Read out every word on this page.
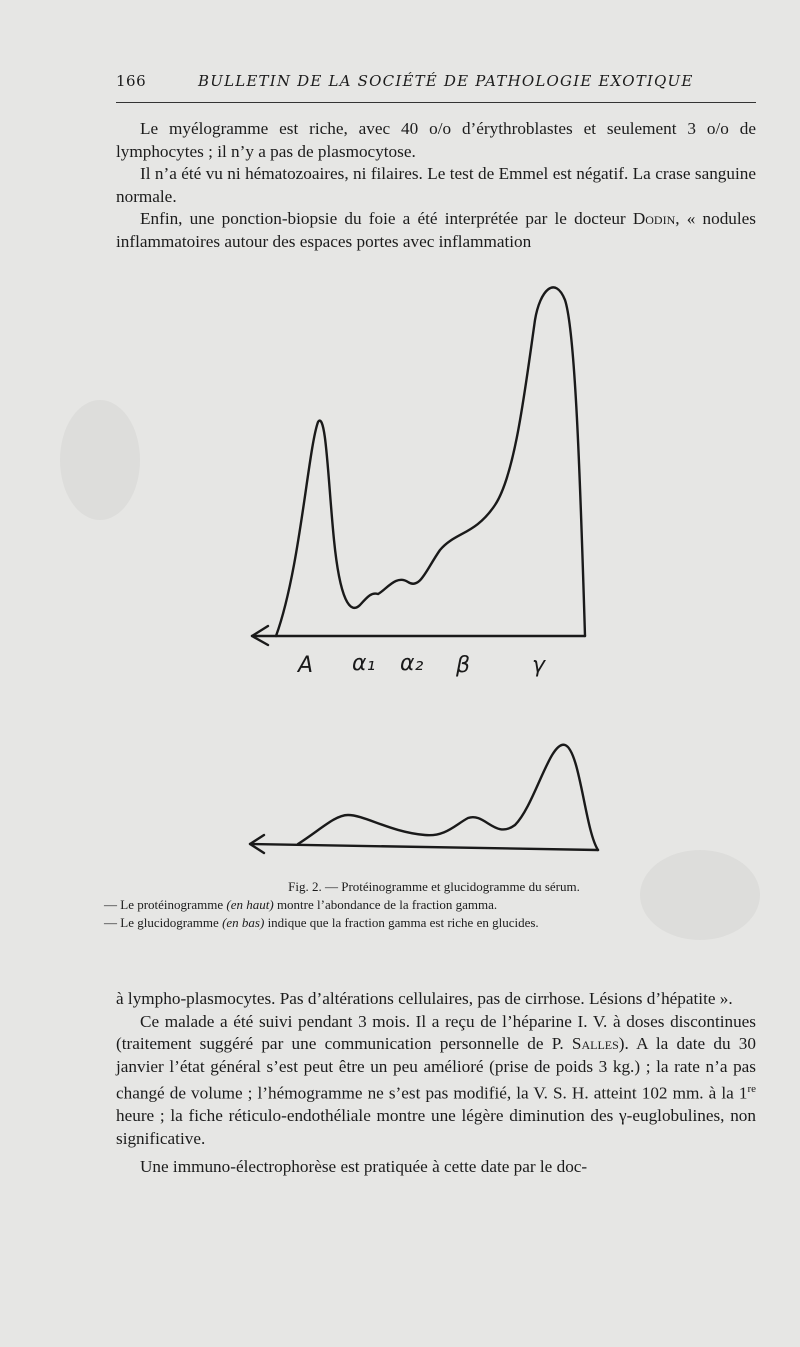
166	BULLETIN DE LA SOCIÉTÉ DE PATHOLOGIE EXOTIQUE

Le myélogramme est riche, avec 40 o/o d’érythroblastes et seulement 3 o/o de lymphocytes ; il n’y a pas de plasmocytose.

Il n’a été vu ni hématozoaires, ni filaires. Le test de Emmel est négatif. La crase sanguine normale.

Enfin, une ponction-biopsie du foie a été interprétée par le docteur Dodin, « nodules inflammatoires autour des espaces portes avec inflammation

A α₁ α₂ β	γ
Fig. 2. — Protéinogramme et glucidogramme du sérum.
— Le protéinogramme (en haut) montre l’abondance de la fraction gamma.
— Le glucidogramme (en bas) indique que la fraction gamma est riche en glucides.

à lympho-plasmocytes. Pas d’altérations cellulaires, pas de cirrhose. Lésions d’hépatite ».

Ce malade a été suivi pendant 3 mois. Il a reçu de l’héparine I. V. à doses discontinues (traitement suggéré par une communication personnelle de P. Salles). A la date du 30 janvier l’état général s’est peut être un peu amélioré (prise de poids 3 kg.) ; la rate n’a pas changé de volume ; l’hémogramme ne s’est pas modifié, la V. S. H. atteint 102 mm. à la 1re heure ; la fiche réticulo-endothéliale montre une légère diminution des γ-euglobulines, non significative.

Une immuno-électrophorèse est pratiquée à cette date par le doc-
